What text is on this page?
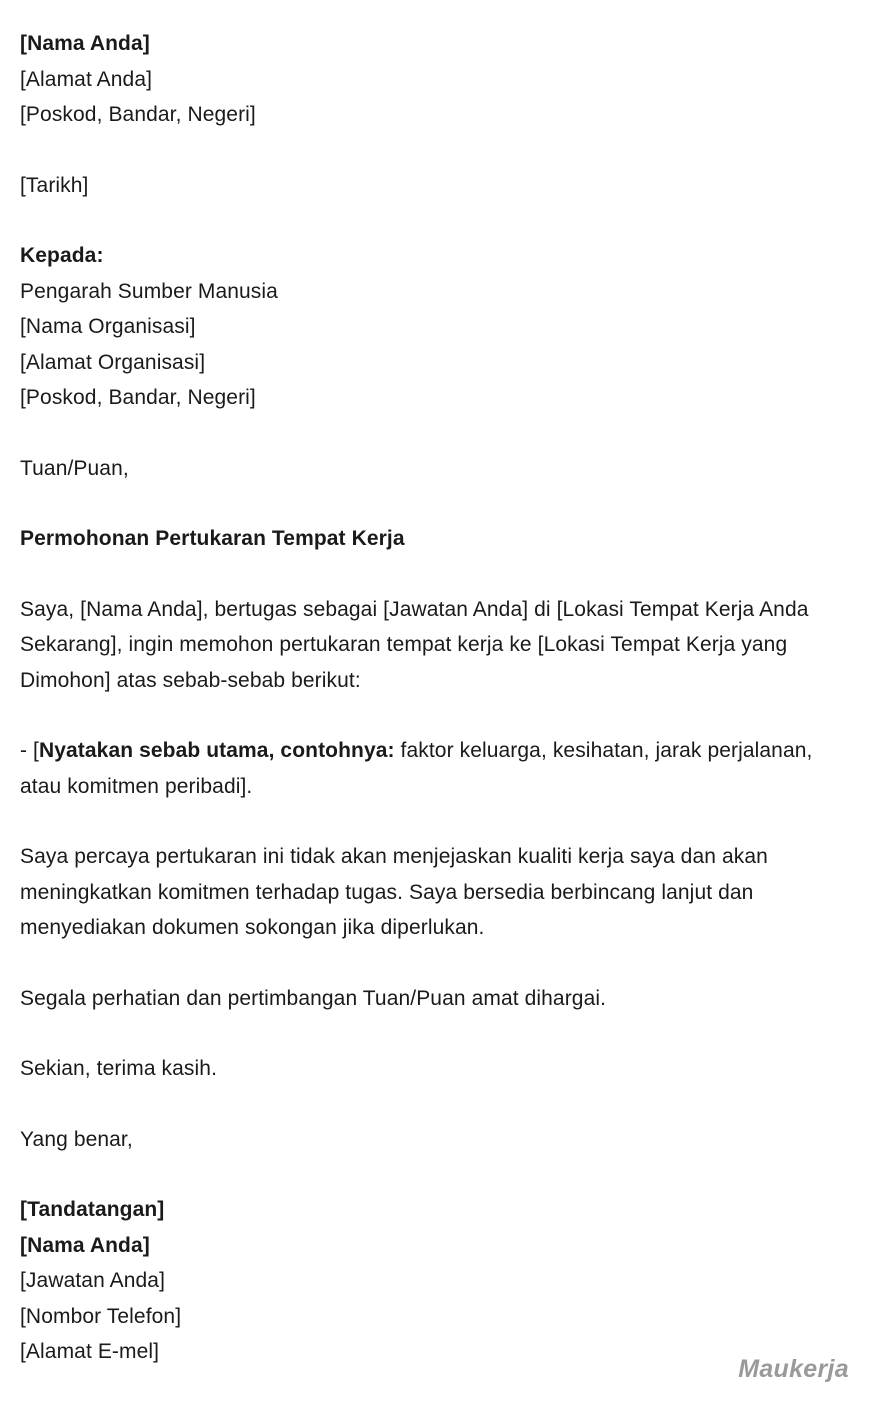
[Nama Anda]
[Alamat Anda]
[Poskod, Bandar, Negeri]
[Tarikh]
Kepada:
Pengarah Sumber Manusia
[Nama Organisasi]
[Alamat Organisasi]
[Poskod, Bandar, Negeri]
Tuan/Puan,
Permohonan Pertukaran Tempat Kerja

Saya, [Nama Anda], bertugas sebagai [Jawatan Anda] di [Lokasi Tempat Kerja Anda Sekarang], ingin memohon pertukaran tempat kerja ke [Lokasi Tempat Kerja yang Dimohon] atas sebab-sebab berikut:

- [Nyatakan sebab utama, contohnya: faktor keluarga, kesihatan, jarak perjalanan, atau komitmen peribadi].

Saya percaya pertukaran ini tidak akan menjejaskan kualiti kerja saya dan akan meningkatkan komitmen terhadap tugas. Saya bersedia berbincang lanjut dan menyediakan dokumen sokongan jika diperlukan.

Segala perhatian dan pertimbangan Tuan/Puan amat dihargai.

Sekian, terima kasih.

Yang benar,
[Tandatangan]
[Nama Anda]
[Jawatan Anda]
[Nombor Telefon]
[Alamat E-mel]
Maukerja
